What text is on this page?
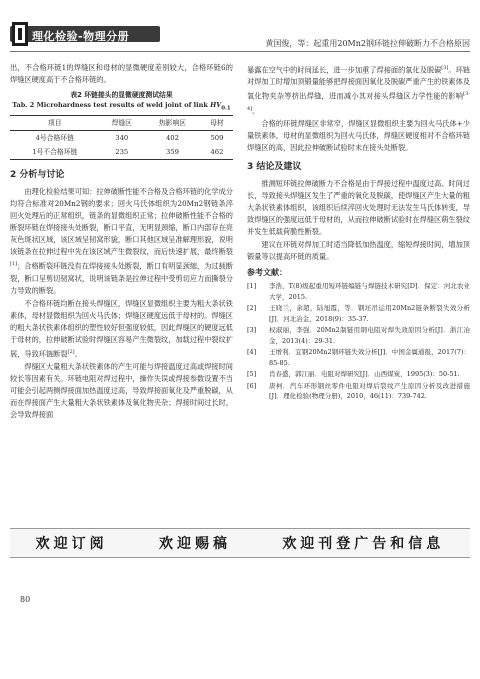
理化检验-物理分册
黄国俊，等：起重用20Mn2钢环链拉伸破断力不合格原因

出，不合格环链1的焊缝区和母材的显微硬度差别较大，合格环链6的焊缝区硬度高于不合格环链的。

表2 环链接头的显微硬度测试结果
Tab. 2 Microhardness test results of weld joint of link $HV_{0.1}$
项目	焊缝区	热影响区	母材
4号合格环链	340	402	509
1号不合格环链	235	359	462
2 分析与讨论

由理化检验结果可知：拉伸破断性能不合格及合格环链的化学成分均符合标准对20Mn2钢的要求；回火马氏体组织为20Mn2钢链条淬回火处理后的正常组织，链条的显微组织正常；拉伸破断性能不合格的断裂环链在焊接接头处断裂，断口平直，无明显颈缩，断口内部存在亮灰色斑状区域，该区域呈韧窝形貌，断口其他区域呈准解理形貌，说明该链条在拉伸过程中先在该区域产生微裂纹，而后快速扩展，最终断裂[1]；合格断裂环链没有在焊接接头处断裂，断口有明显颈缩，为过载断裂，断口呈剪切韧窝状，说明该链条是拉伸过程中受剪切应力而撕裂分力导致的断裂。

不合格环链均断在接头焊缝区，焊缝区显微组织主要为粗大条状铁素体，母材显微组织为回火马氏体；焊缝区硬度远低于母材的。焊缝区的粗大条状铁素体组织的塑性较好但强度较低，因此焊缝区的硬度远低于母材的，拉伸破断试验时焊缝区容易产生微裂纹，加载过程中裂纹扩展，导致环链断裂[2]。

焊缝区大量粗大条状铁素体的产生可能与焊接温度过高或焊接时间较长等因素有关。环链电阻对焊过程中，操作失误或焊接参数设置不当可能会引起两侧焊接面加热温度过高，导致焊接面氧化及严重脱碳，从而在焊接面产生大量粗大条状铁素体及氧化物夹杂；焊接时间过长时，会导致焊接面

暴露在空气中的时间延长，进一步加重了焊接面的氧化及脱碳[3]。环链对焊加工时增加顶锻量能够把焊接面因氧化及脱碳严重产生的铁素体及氧化物夹杂等挤出焊缝，进而减小其对接头焊缝区力学性能的影响[3-4]。

合格的环链焊缝区非常窄，焊缝区显微组织主要为回火马氏体+少量铁素体，母材的显微组织为回火马氏体，焊缝区硬度相对不合格环链焊缝区的高，因此拉伸破断试验时未在接头处断裂。

3 结论及建议

推测短环链拉伸破断力不合格是由于焊接过程中温度过高、时间过长，导致接头焊缝区发生了严重的氧化及脱碳，使焊缝区产生大量的粗大条状铁素体组织，该组织后续淬回火处理时无法发生马氏体转变，导致焊缝区的强度远低于母材的，从而拉伸破断试验时在焊缝区萌生裂纹并发生低载荷脆性断裂。

建议在环链对焊加工时适当降低加热温度，缩短焊接时间，增加顶锻量等以提高环链的质量。

参考文献：
[1]	李浩，T(8)级起重用短环链编链与焊链技术研究[D]．保定：河北农业大学，2015.
[2]	王晓兰，余超，陆旭霞，等．钢坯吊运用20Mn2链条断裂失效分析[J]．河北冶金，2018(9)：35-37.
[3]	权淑丽，李强．20Mn2制链用钢电阻对焊失效原因分析[J]．浙江冶金，2013(4)：29-31.
[4]	王增利．宜钢20Mn2钢环链失效分析[J]．中国金属通报，2017(7)：85-85.
[5]	肖春盛，郭江丽．电阻对焊研究[J]．山西煤炭，1995(3)：50-51.
[6]	唐柯．汽车环形钢丝零件电阻对焊后裂纹产生原因分析及改进措施[J]．理化检验(物理分册)，2010，46(11)：739-742.
欢迎订阅	欢迎赐稿	欢迎刊登广告和信息
80
